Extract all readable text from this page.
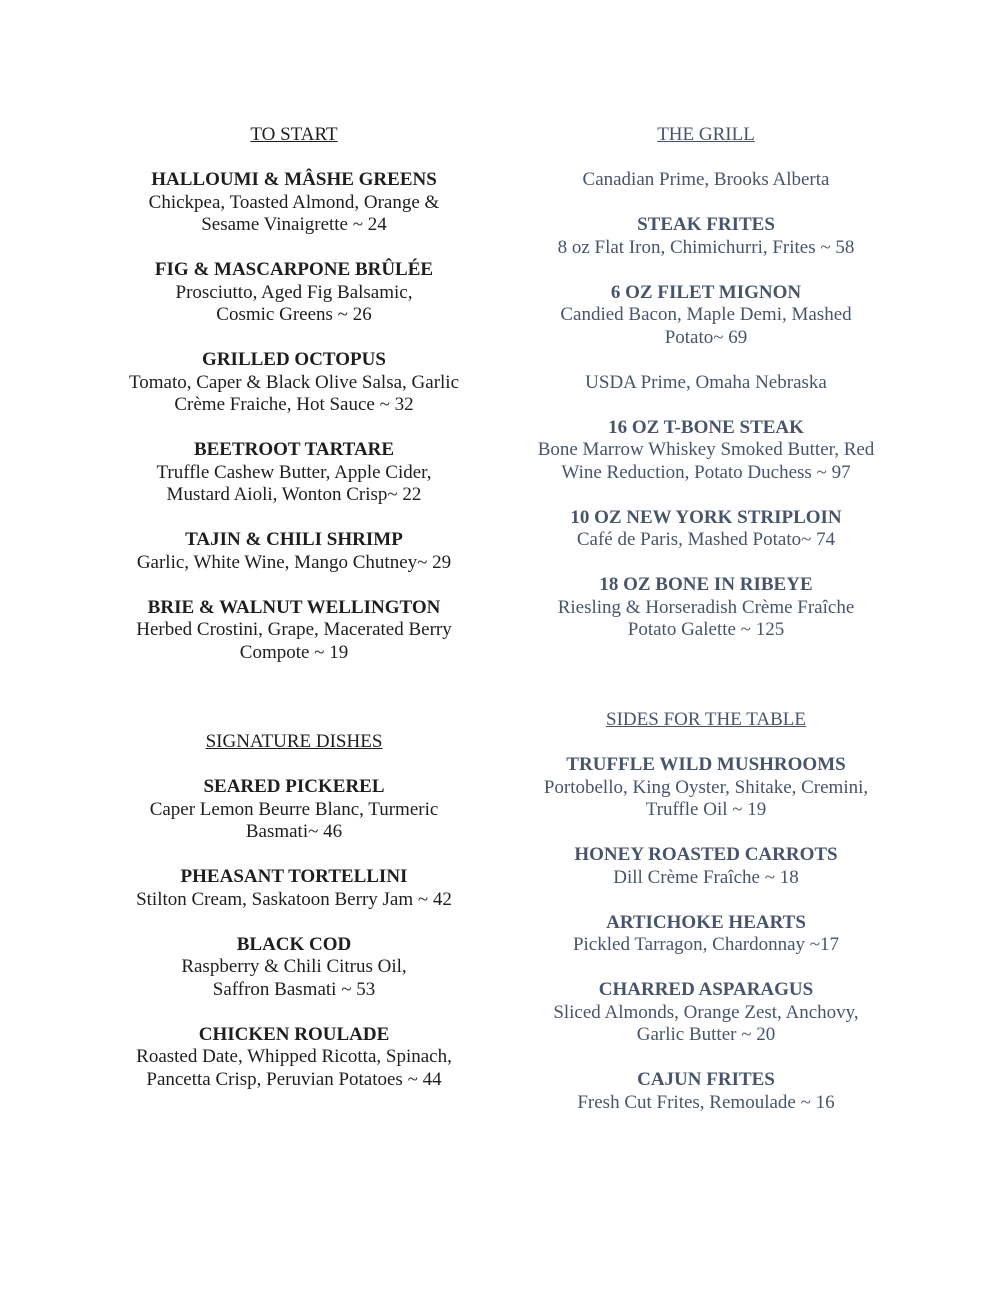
TO START
HALLOUMI & MÂSHE GREENS
Chickpea, Toasted Almond, Orange &
Sesame Vinaigrette ~ 24
FIG & MASCARPONE BRÛLÉE
Prosciutto, Aged Fig Balsamic,
Cosmic Greens ~ 26
GRILLED OCTOPUS
Tomato, Caper & Black Olive Salsa, Garlic
Crème Fraiche, Hot Sauce ~ 32
BEETROOT TARTARE
Truffle Cashew Butter, Apple Cider,
Mustard Aioli, Wonton Crisp~ 22
TAJIN & CHILI SHRIMP
Garlic, White Wine, Mango Chutney~ 29
BRIE & WALNUT WELLINGTON
Herbed Crostini, Grape, Macerated Berry
Compote ~ 19
SIGNATURE DISHES
SEARED PICKEREL
Caper Lemon Beurre Blanc, Turmeric
Basmati~ 46
PHEASANT TORTELLINI
Stilton Cream, Saskatoon Berry Jam ~ 42
BLACK COD
Raspberry & Chili Citrus Oil,
Saffron Basmati ~ 53
CHICKEN ROULADE
Roasted Date, Whipped Ricotta, Spinach,
Pancetta Crisp, Peruvian Potatoes ~ 44
THE GRILL
Canadian Prime, Brooks Alberta
STEAK FRITES
8 oz Flat Iron, Chimichurri, Frites ~ 58
6 OZ FILET MIGNON
Candied Bacon, Maple Demi, Mashed
Potato~ 69
USDA Prime, Omaha Nebraska
16 OZ T-BONE STEAK
Bone Marrow Whiskey Smoked Butter, Red
Wine Reduction, Potato Duchess ~ 97
10 OZ NEW YORK STRIPLOIN
Café de Paris, Mashed Potato~ 74
18 OZ BONE IN RIBEYE
Riesling & Horseradish Crème Fraîche
Potato Galette ~ 125
SIDES FOR THE TABLE
TRUFFLE WILD MUSHROOMS
Portobello, King Oyster, Shitake, Cremini,
Truffle Oil ~ 19
HONEY ROASTED CARROTS
Dill Crème Fraîche ~ 18
ARTICHOKE HEARTS
Pickled Tarragon, Chardonnay ~17
CHARRED ASPARAGUS
Sliced Almonds, Orange Zest, Anchovy,
Garlic Butter ~ 20
CAJUN FRITES
Fresh Cut Frites, Remoulade ~ 16
